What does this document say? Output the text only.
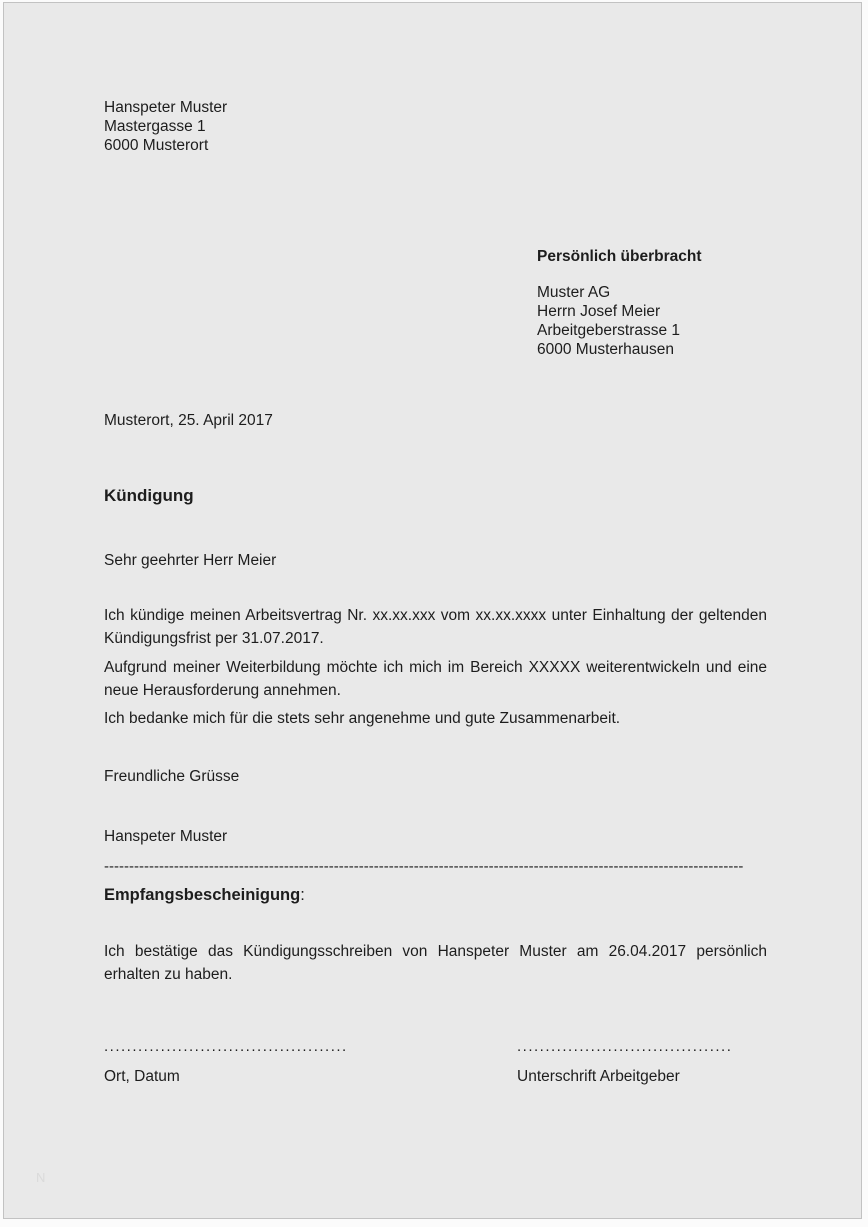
Hanspeter Muster
Mastergasse 1
6000 Musterort
Persönlich überbracht
Muster AG
Herrn Josef Meier
Arbeitgeberstrasse 1
6000 Musterhausen
Musterort, 25. April 2017
Kündigung
Sehr geehrter Herr Meier
Ich kündige meinen Arbeitsvertrag Nr. xx.xx.xxx vom xx.xx.xxxx unter Einhaltung der geltenden Kündigungsfrist per 31.07.2017.
Aufgrund meiner Weiterbildung möchte ich mich im Bereich XXXXX weiterentwickeln und eine neue Herausforderung annehmen.
Ich bedanke mich für die stets sehr angenehme und gute Zusammenarbeit.
Freundliche Grüsse
Hanspeter Muster
--------------------------------------------------------------------------------------------------------------------------------
Empfangsbescheinigung:
Ich bestätige das Kündigungsschreiben von Hanspeter Muster am 26.04.2017 persönlich erhalten zu haben.
...........................................	......................................
Ort, Datum	Unterschrift Arbeitgeber
N
